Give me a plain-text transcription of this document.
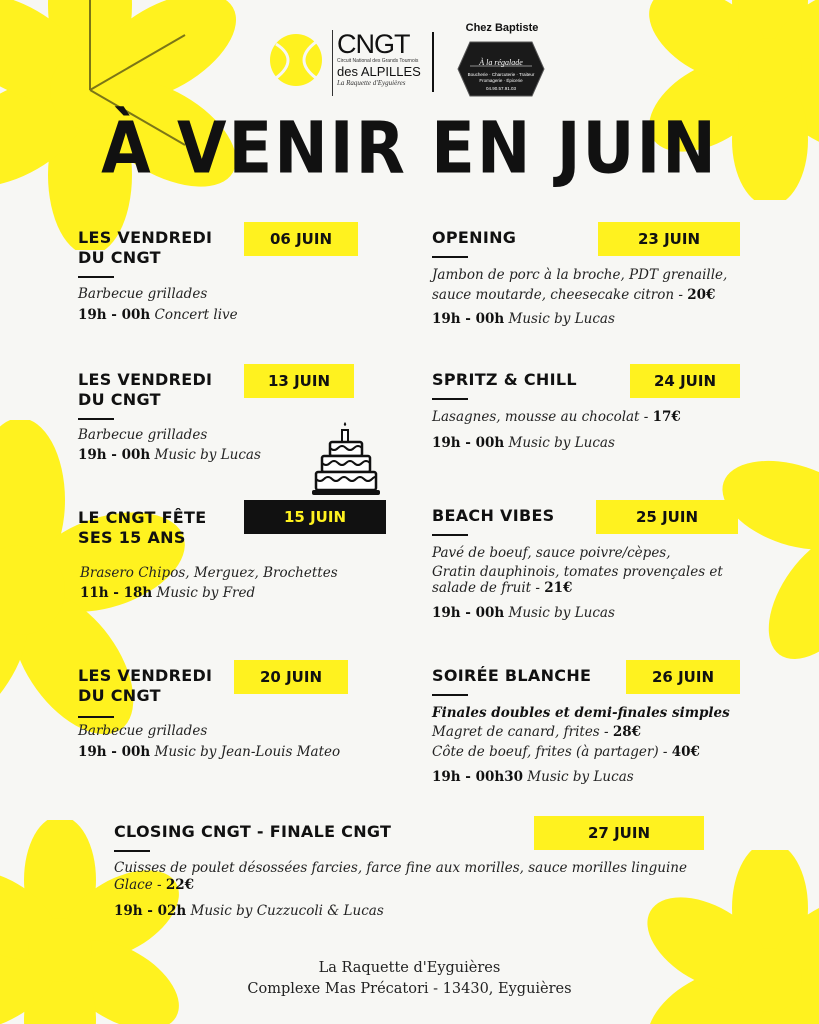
CNGT
Circuit National des Grands Tournois
des ALPILLES
La Raquette d'Eyguières
Chez Baptiste
À la régalade
Boucherie · Charcuterie · Traiteur Fromagerie · Épicerie
04.90.57.91.03
À VENIR EN JUIN
LES VENDREDI
DU CNGT
06 JUIN
Barbecue grillades
19h - 00h Concert live
LES VENDREDI
DU CNGT
13 JUIN
Barbecue grillades
19h - 00h Music by Lucas
LE CNGT FÊTE
SES 15 ANS
15 JUIN
Brasero Chipos, Merguez, Brochettes
11h - 18h Music by Fred
LES VENDREDI
DU CNGT
20 JUIN
Barbecue grillades
19h - 00h Music by Jean-Louis Mateo
OPENING	23 JUIN
Jambon de porc à la broche, PDT grenaille,
sauce moutarde, cheesecake citron - 20€
19h - 00h Music by Lucas
SPRITZ & CHILL	24 JUIN
Lasagnes, mousse au chocolat - 17€
19h - 00h Music by Lucas
BEACH VIBES	25 JUIN
Pavé de boeuf, sauce poivre/cèpes,
Gratin dauphinois, tomates provençales et
salade de fruit - 21€
19h - 00h Music by Lucas
SOIRÉE BLANCHE	26 JUIN
Finales doubles et demi-finales simples
Magret de canard, frites - 28€
Côte de boeuf, frites (à partager) - 40€
19h - 00h30 Music by Lucas
CLOSING CNGT - FINALE CNGT	27 JUIN
Cuisses de poulet désossées farcies, farce fine aux morilles, sauce morilles linguine
Glace - 22€
19h - 02h Music by Cuzzucoli & Lucas
La Raquette d'Eyguières
Complexe Mas Précatori - 13430, Eyguières
